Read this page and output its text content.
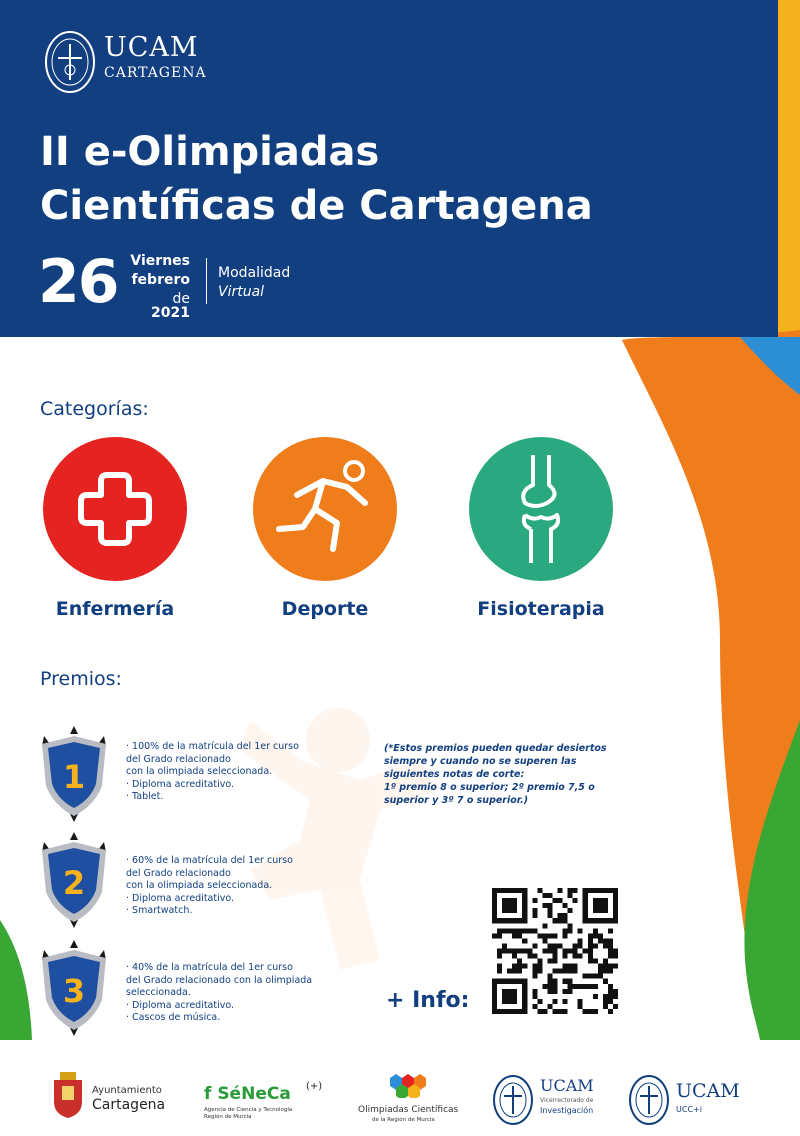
UCAM
CARTAGENA
II e-Olimpiadas
Científicas de Cartagena
26 Viernes
febrero
de 2021
Modalidad
Virtual
Categorías:
Enfermería	Deporte	Fisioterapia
Premios:
1
· 100% de la matrícula del 1er curso
del Grado relacionado
con la olimpiada seleccionada.
· Diploma acreditativo.
· Tablet.
2
· 60% de la matrícula del 1er curso
del Grado relacionado
con la olimpiada seleccionada.
· Diploma acreditativo.
· Smartwatch.
3
· 40% de la matrícula del 1er curso
del Grado relacionado con la olimpiada
seleccionada.
· Diploma acreditativo.
· Cascos de música.
(*Estos premios pueden quedar desiertos
siempre y cuando no se superen las
siguientes notas de corte:
1º premio 8 o superior; 2º premio 7,5 o
superior y 3º 7 o superior.)
+ Info:
Ayuntamiento
Cartagena
f SéNeCa (+)
Agencia de Ciencia y Tecnología
Región de Murcia
Olimpiadas Científicas
de la Región de Murcia
UCAM
Vicerrectorado de
Investigación
UCAM
UCC+i
